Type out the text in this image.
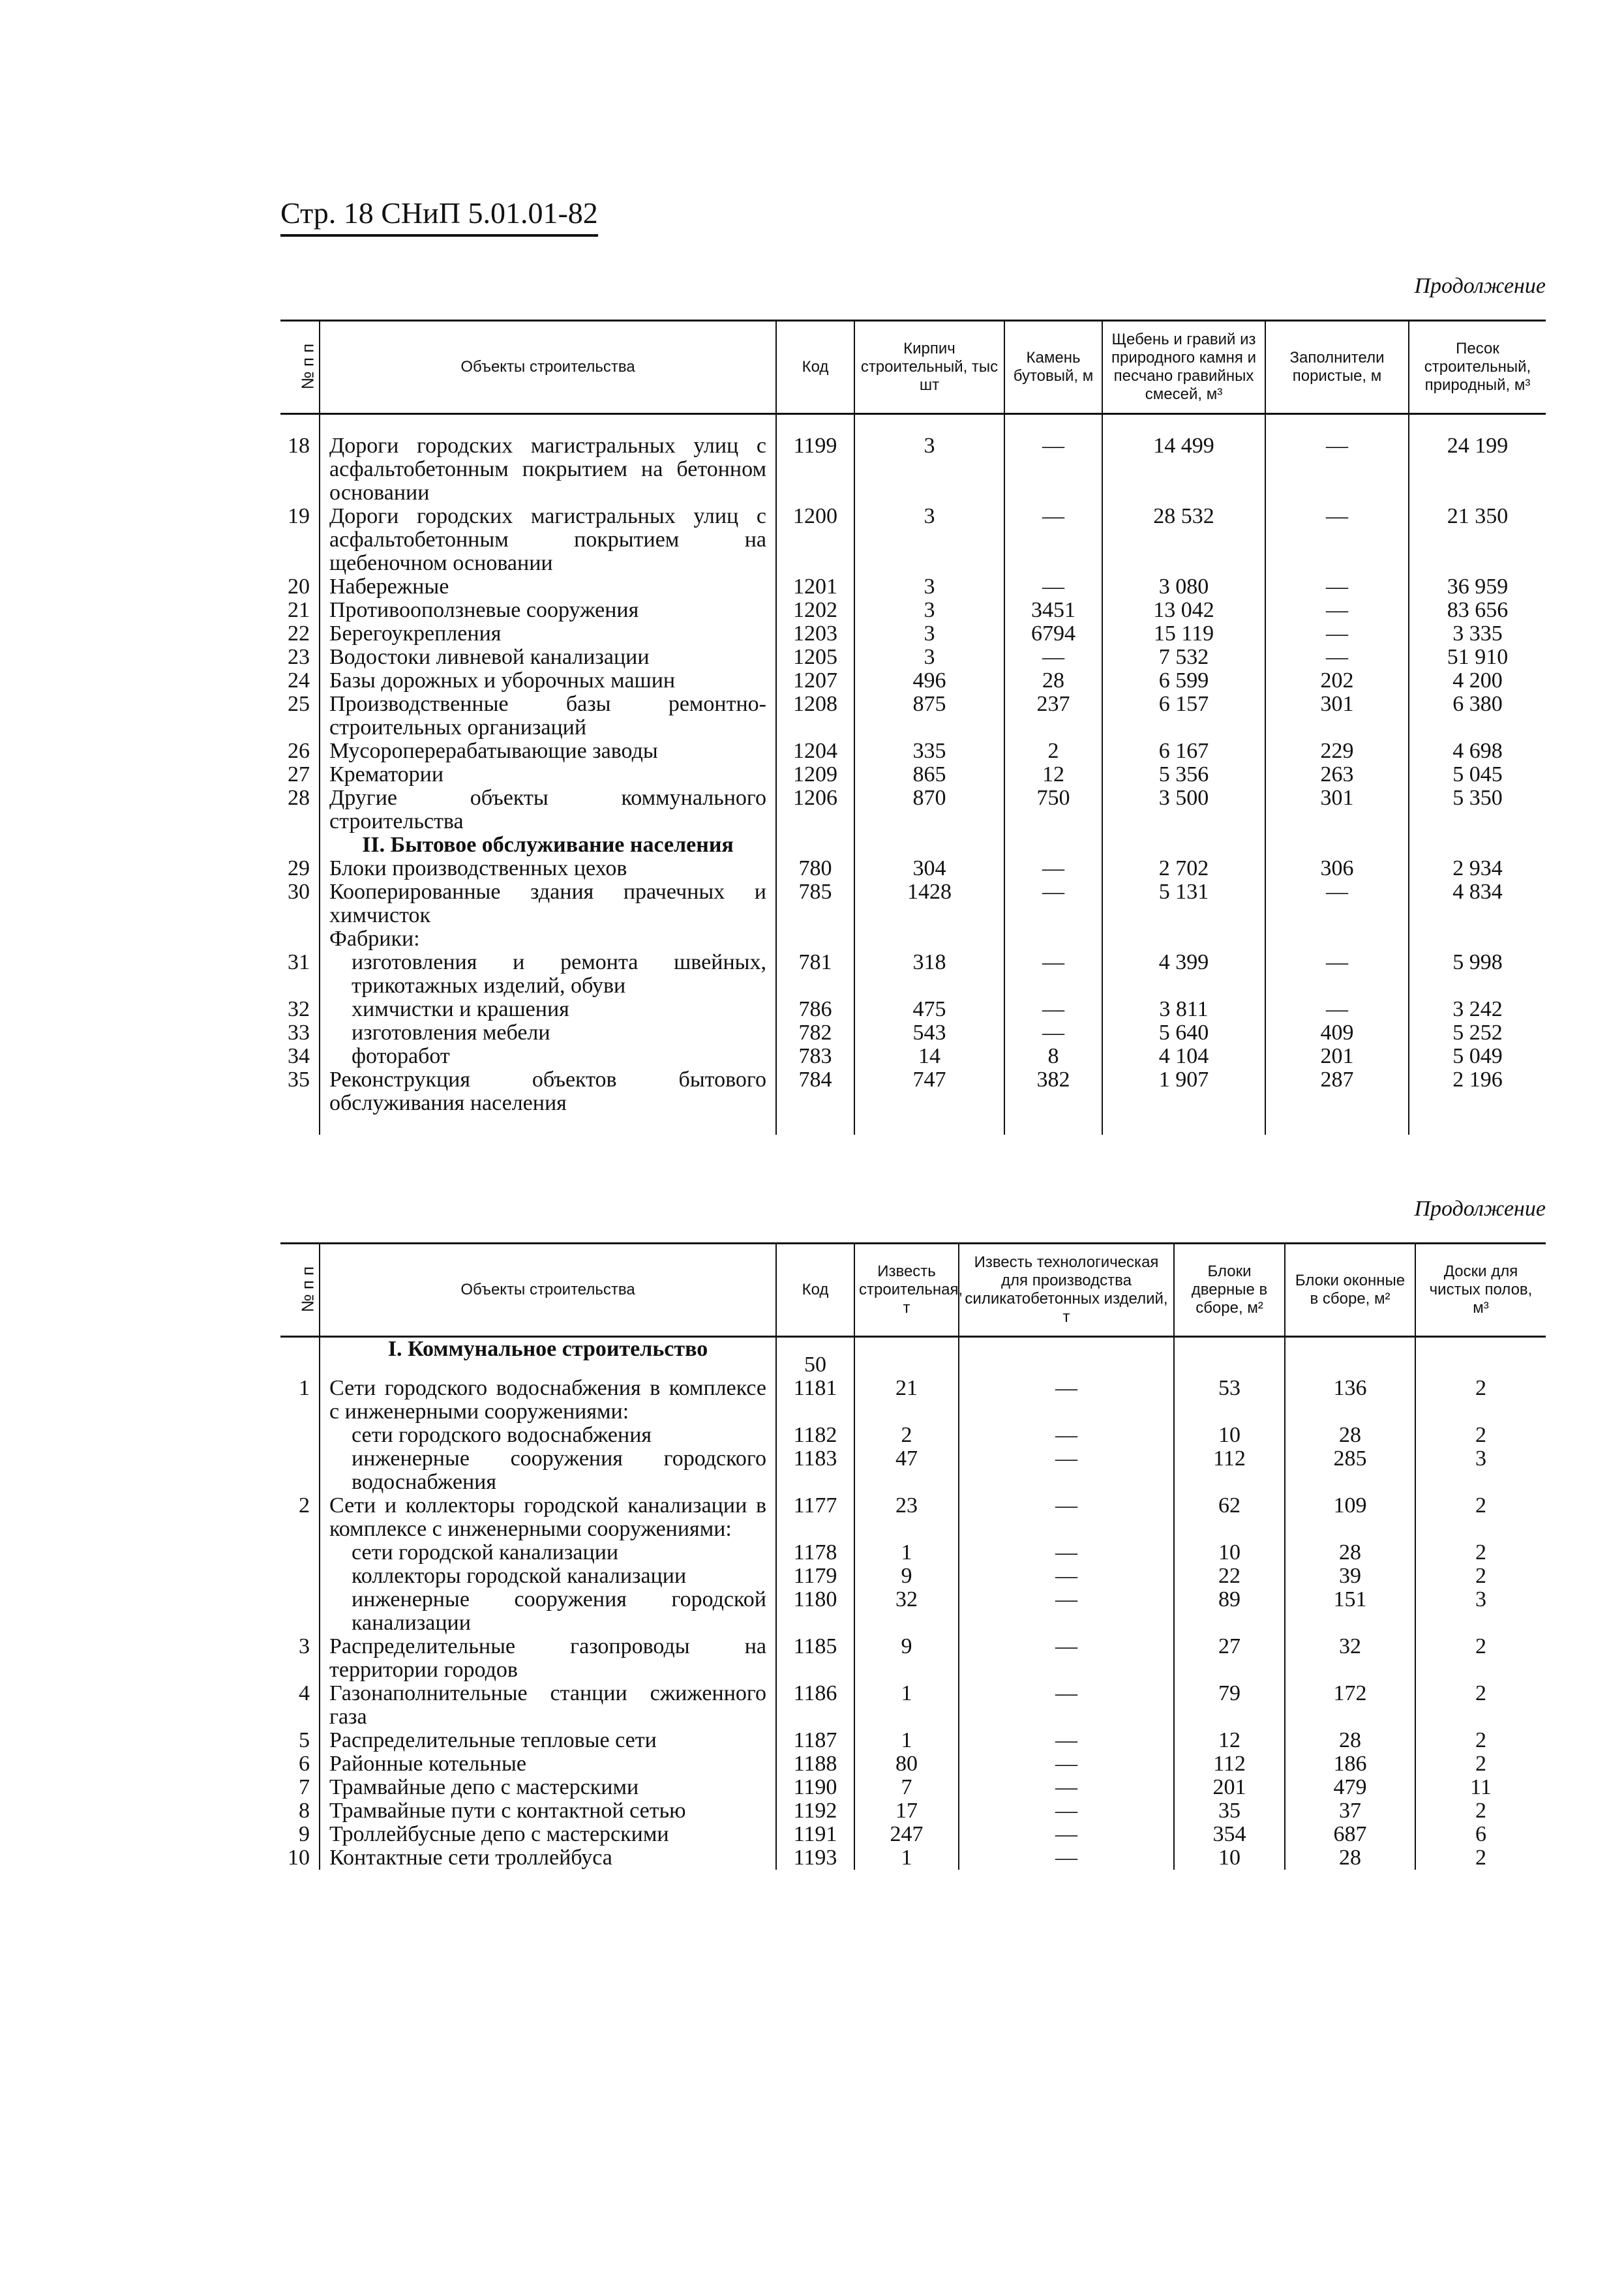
Стр. 18 СНиП 5.01.01-82
Продолжение
№ п п	Объекты строительства	Код	Кирпич строительный, тыс шт	Камень бутовый, м	Щебень и гравий из природного камня и песчано гравийных смесей, м³	Заполнители пористые, м	Песок строительный, природный, м³

18	Дороги городских магистральных улиц с асфальтобетонным покрытием на бетонном основании	1199	3	—	14 499	—	24 199
19	Дороги городских магистральных улиц с асфальтобетонным покрытием на щебеночном основании	1200	3	—	28 532	—	21 350
20	Набережные	1201	3	—	3 080	—	36 959
21	Противооползневые сооружения	1202	3	3451	13 042	—	83 656
22	Берегоукрепления	1203	3	6794	15 119	—	3 335
23	Водостоки ливневой канализации	1205	3	—	7 532	—	51 910
24	Базы дорожных и уборочных машин	1207	496	28	6 599	202	4 200
25	Производственные базы ремонтно-строительных организаций	1208	875	237	6 157	301	6 380
26	Мусороперерабатывающие заводы	1204	335	2	6 167	229	4 698
27	Крематории	1209	865	12	5 356	263	5 045
28	Другие объекты коммунального строительства	1206	870	750	3 500	301	5 350
	II. Бытовое обслуживание населения						
29	Блоки производственных цехов	780	304	—	2 702	306	2 934
30	Кооперированные здания прачечных и химчисток	785	1428	—	5 131	—	4 834
	Фабрики:						
31	изготовления и ремонта швейных, трикотажных изделий, обуви	781	318	—	4 399	—	5 998
32	химчистки и крашения	786	475	—	3 811	—	3 242
33	изготовления мебели	782	543	—	5 640	409	5 252
34	фоторабот	783	14	8	4 104	201	5 049
35	Реконструкция объектов бытового обслуживания населения	784	747	382	1 907	287	2 196

Продолжение
№ п п	Объекты строительства	Код	Известь строительная, т	Известь технологическая для производства силикатобетонных изделий, т	Блоки дверные в сборе, м²	Блоки оконные в сборе, м²	Доски для чистых полов, м³
	I. Коммунальное строительство	50					
1	Сети городского водоснабжения в комплексе с инженерными сооружениями:	1181	21	—	53	136	2
	сети городского водоснабжения	1182	2	—	10	28	2
	инженерные сооружения городского водоснабжения	1183	47	—	112	285	3
2	Сети и коллекторы городской канализации в комплексе с инженерными сооружениями:	1177	23	—	62	109	2
	сети городской канализации	1178	1	—	10	28	2
	коллекторы городской канализации	1179	9	—	22	39	2
	инженерные сооружения городской канализации	1180	32	—	89	151	3
3	Распределительные газопроводы на территории городов	1185	9	—	27	32	2
4	Газонаполнительные станции сжиженного газа	1186	1	—	79	172	2
5	Распределительные тепловые сети	1187	1	—	12	28	2
6	Районные котельные	1188	80	—	112	186	2
7	Трамвайные депо с мастерскими	1190	7	—	201	479	11
8	Трамвайные пути с контактной сетью	1192	17	—	35	37	2
9	Троллейбусные депо с мастерскими	1191	247	—	354	687	6
10	Контактные сети троллейбуса	1193	1	—	10	28	2
